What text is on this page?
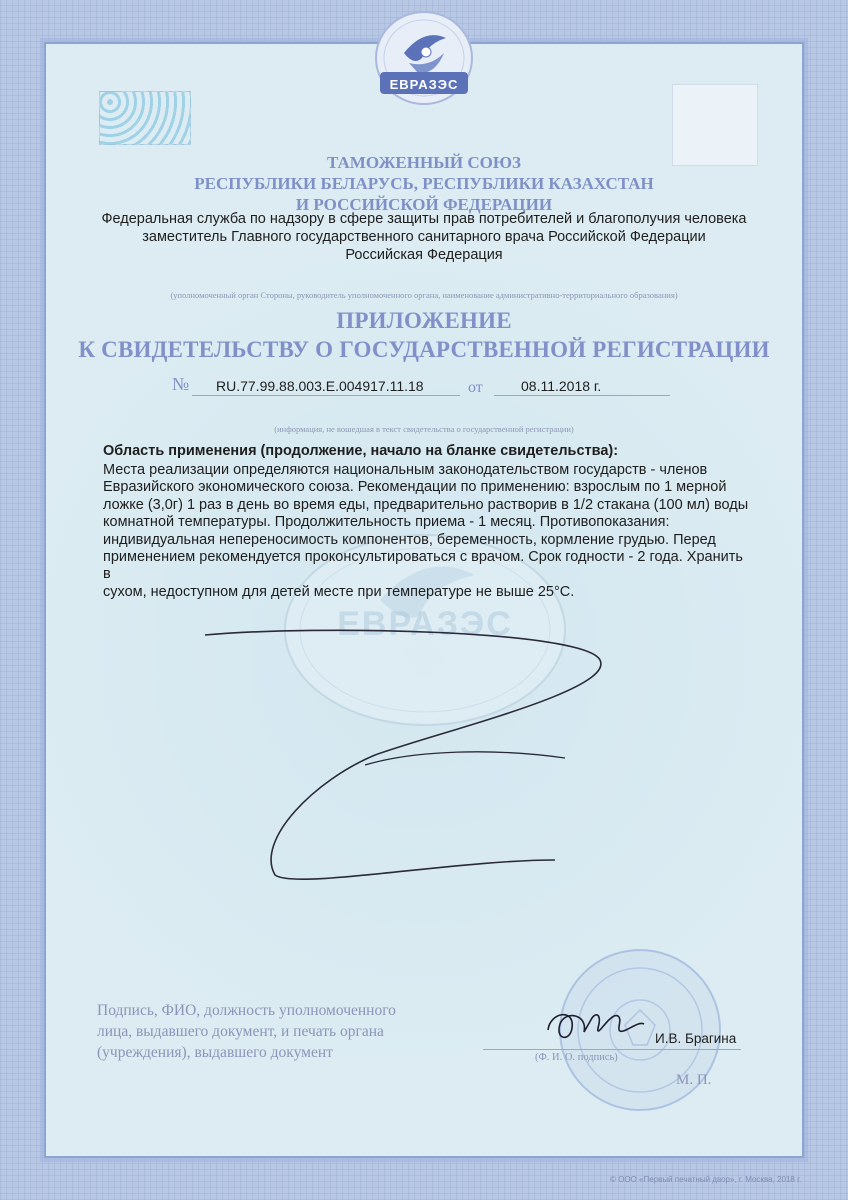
ЕВРАЗЭС
ЕВРАЗЭС
ТАМОЖЕННЫЙ СОЮЗ
РЕСПУБЛИКИ БЕЛАРУСЬ, РЕСПУБЛИКИ КАЗАХСТАН
И РОССИЙСКОЙ ФЕДЕРАЦИИ
Федеральная служба по надзору в сфере защиты прав потребителей и благополучия человека
заместитель Главного государственного санитарного врача Российской Федерации
Российская Федерация
(уполномоченный орган Стороны, руководитель уполномоченного органа, наименование административно-территориального образования)
ПРИЛОЖЕНИЕ
К СВИДЕТЕЛЬСТВУ О ГОСУДАРСТВЕННОЙ РЕГИСТРАЦИИ
№ RU.77.99.88.003.Е.004917.11.18	от	08.11.2018 г.
(информация, не вошедшая в текст свидетельства о государственной регистрации)
Область применения (продолжение, начало на бланке свидетельства):
Места реализации определяются национальным законодательством государств - членов
Евразийского экономического союза. Рекомендации по применению: взрослым по 1 мерной
ложке (3,0г) 1 раз в день во время еды, предварительно растворив в 1/2 стакана (100 мл) воды
комнатной температуры. Продолжительность приема - 1 месяц. Противопоказания:
индивидуальная непереносимость компонентов, беременность, кормление грудью. Перед
применением рекомендуется проконсультироваться с врачом. Срок годности - 2 года. Хранить в
сухом, недоступном для детей месте при температуре не выше 25°С.
Подпись, ФИО, должность уполномоченного
лица, выдавшего документ, и печать органа
(учреждения), выдавшего документ
И.В. Брагина
(Ф. И. О. подпись)
М. П.
© ООО «Первый печатный двор», г. Москва, 2018 г.
